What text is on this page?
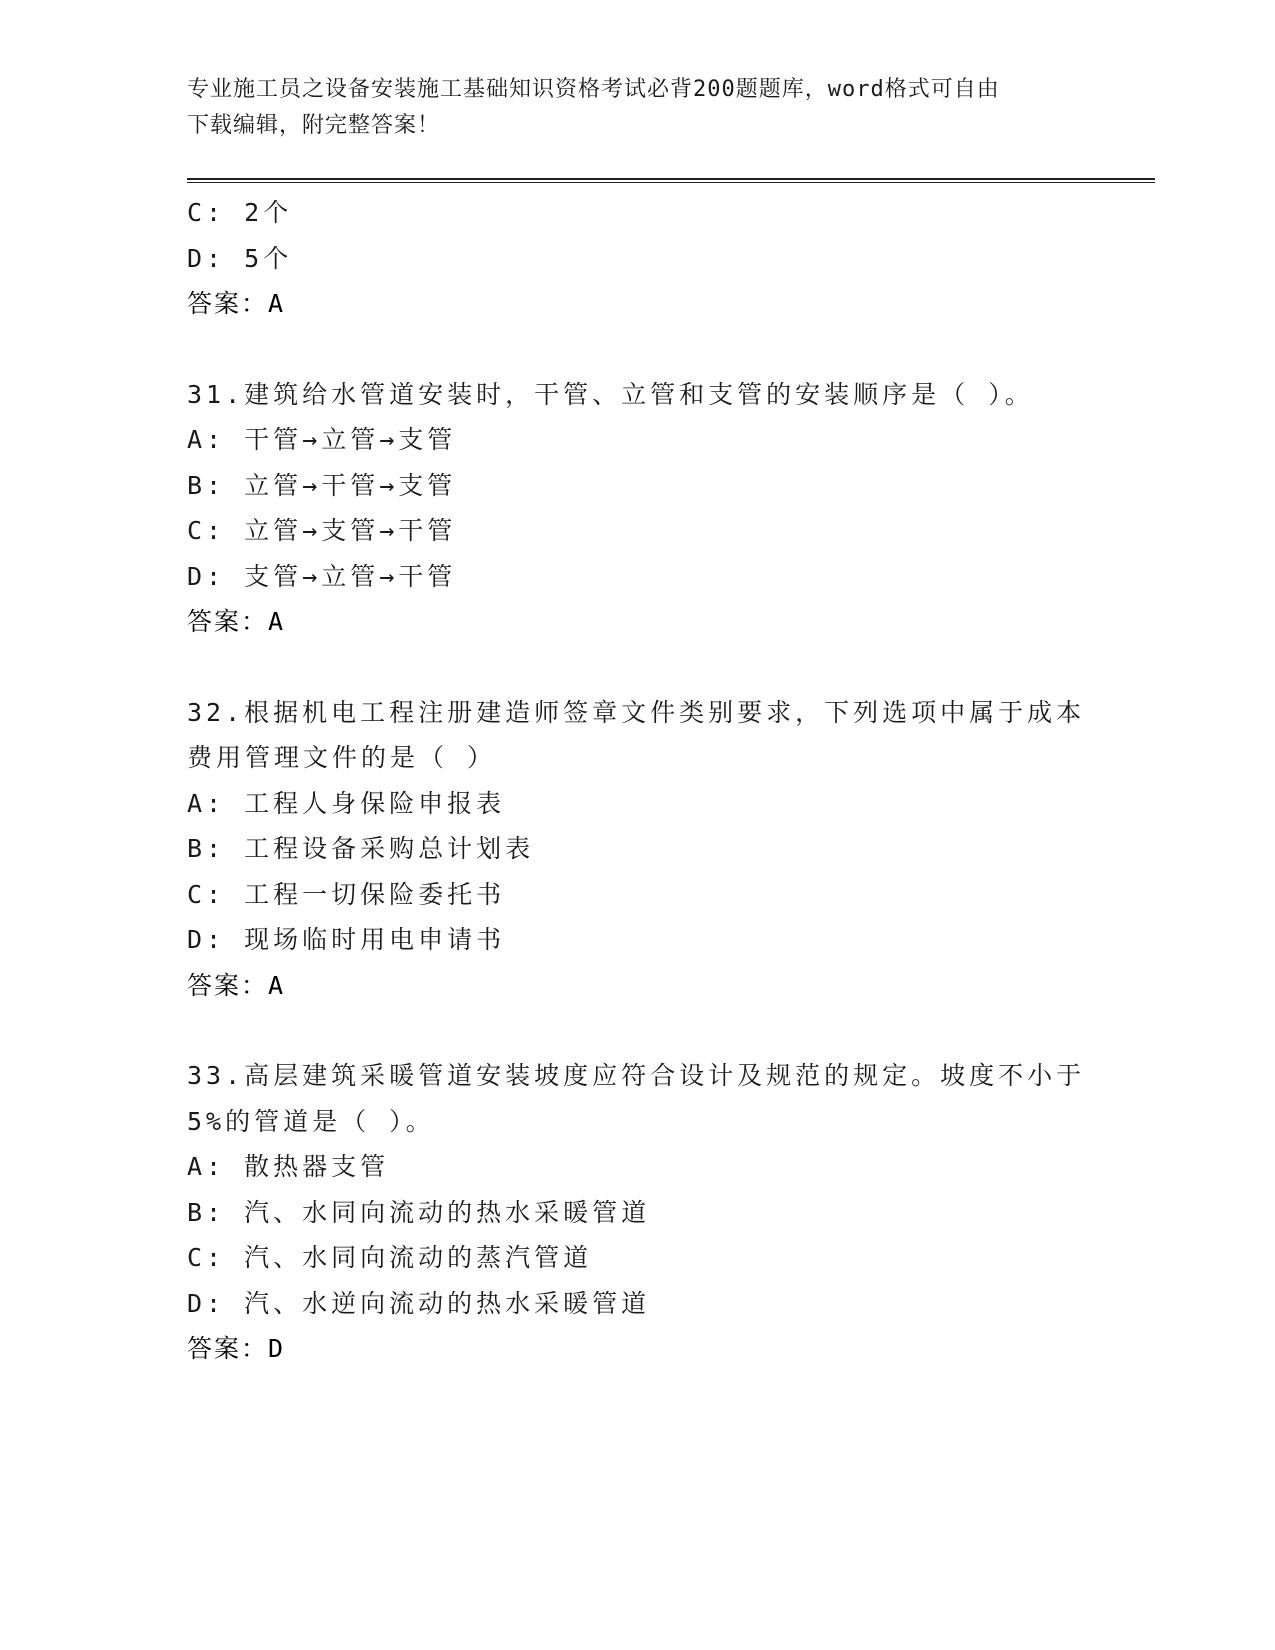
专业施工员之设备安装施工基础知识资格考试必背200题题库，word格式可自由
下载编辑，附完整答案！
C: 2个
D: 5个
答案：A
31.建筑给水管道安装时，干管、立管和支管的安装顺序是（ ）。
A: 干管→立管→支管
B: 立管→干管→支管
C: 立管→支管→干管
D: 支管→立管→干管
答案：A
32.根据机电工程注册建造师签章文件类别要求，下列选项中属于成本
费用管理文件的是（ ）
A: 工程人身保险申报表
B: 工程设备采购总计划表
C: 工程一切保险委托书
D: 现场临时用电申请书
答案：A
33.高层建筑采暖管道安装坡度应符合设计及规范的规定。坡度不小于
5%的管道是（ ）。
A: 散热器支管
B: 汽、水同向流动的热水采暖管道
C: 汽、水同向流动的蒸汽管道
D: 汽、水逆向流动的热水采暖管道
答案：D
